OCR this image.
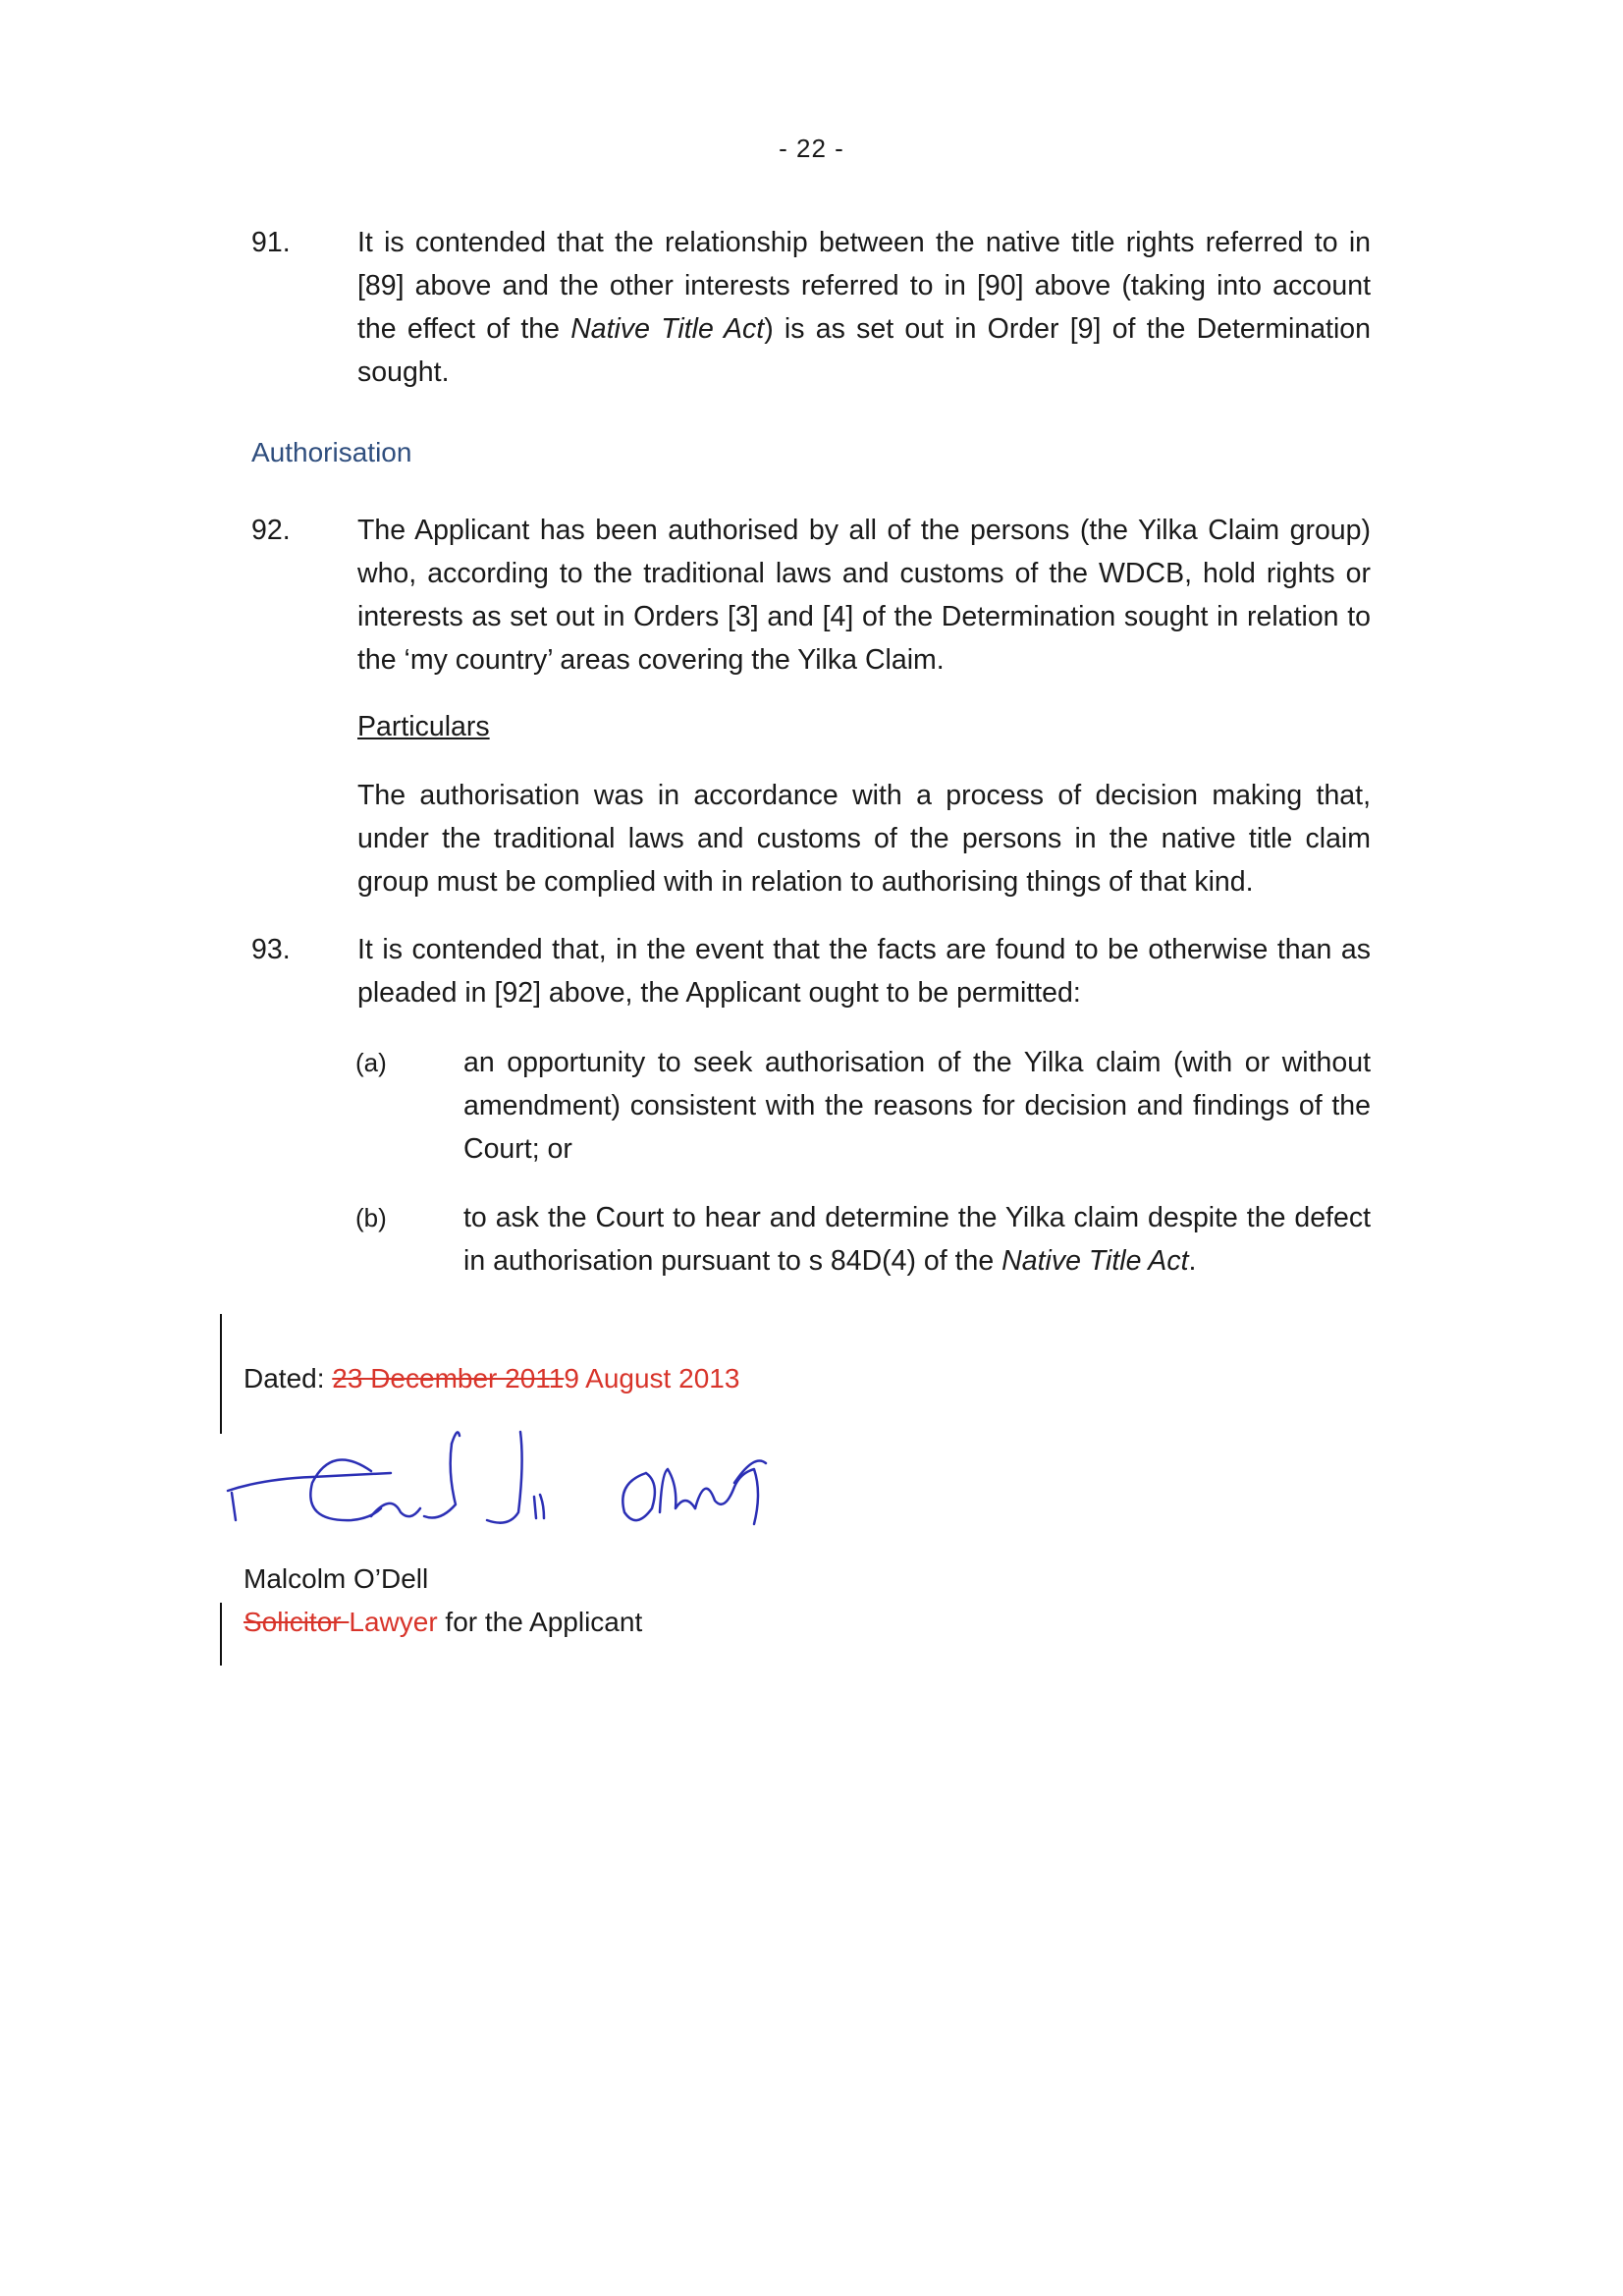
- 22 -
91. It is contended that the relationship between the native title rights referred to in [89] above and the other interests referred to in [90] above (taking into account the effect of the Native Title Act) is as set out in Order [9] of the Determination sought.
Authorisation
92. The Applicant has been authorised by all of the persons (the Yilka Claim group) who, according to the traditional laws and customs of the WDCB, hold rights or interests as set out in Orders [3] and [4] of the Determination sought in relation to the ‘my country’ areas covering the Yilka Claim.
Particulars
The authorisation was in accordance with a process of decision making that, under the traditional laws and customs of the persons in the native title claim group must be complied with in relation to authorising things of that kind.
93. It is contended that, in the event that the facts are found to be otherwise than as pleaded in [92] above, the Applicant ought to be permitted:
(a)	an opportunity to seek authorisation of the Yilka claim (with or without amendment) consistent with the reasons for decision and findings of the Court; or
(b)	to ask the Court to hear and determine the Yilka claim despite the defect in authorisation pursuant to s 84D(4) of the Native Title Act.
Dated: 23 December 20119 August 2013
Malcolm O’Dell
Solicitor Lawyer for the Applicant
